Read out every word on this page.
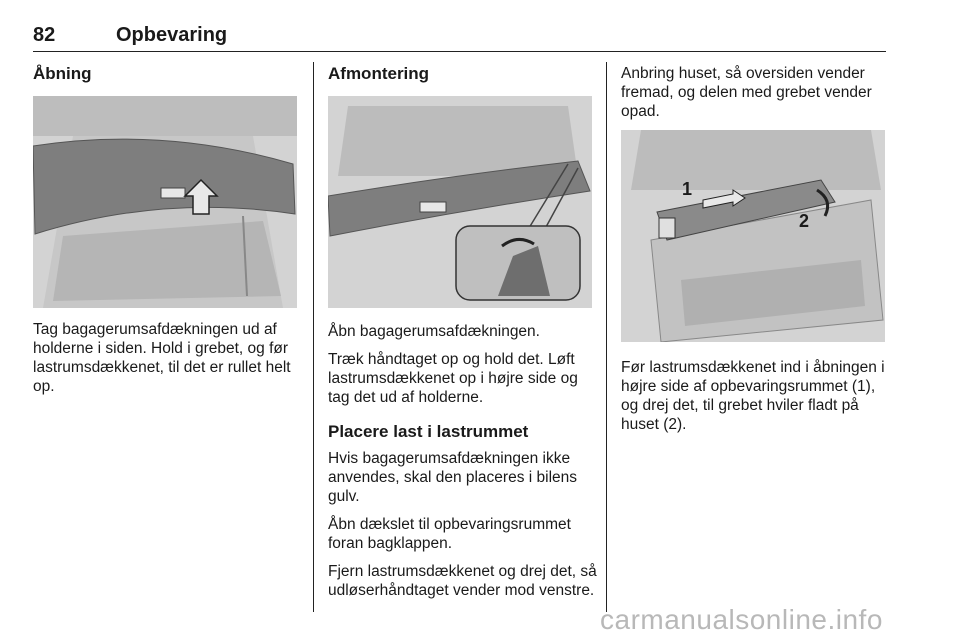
82	Opbevaring
Åbning

Tag bagagerumsafdækningen ud af holderne i siden. Hold i grebet, og før lastrumsdækkenet, til det er rullet helt op.

Afmontering

Åbn bagagerumsafdækningen.

Træk håndtaget op og hold det. Løft lastrumsdækkenet op i højre side og tag det ud af holderne.

Placere last i lastrummet

Hvis bagagerumsafdækningen ikke anvendes, skal den placeres i bilens gulv.

Åbn dækslet til opbevaringsrummet foran bagklappen.

Fjern lastrumsdækkenet og drej det, så udløserhåndtaget vender mod venstre.

Anbring huset, så oversiden vender fremad, og delen med grebet vender opad.

1
2

Før lastrumsdækkenet ind i åbningen i højre side af opbevaringsrummet (1), og drej det, til grebet hviler fladt på huset (2).

carmanualsonline.info
